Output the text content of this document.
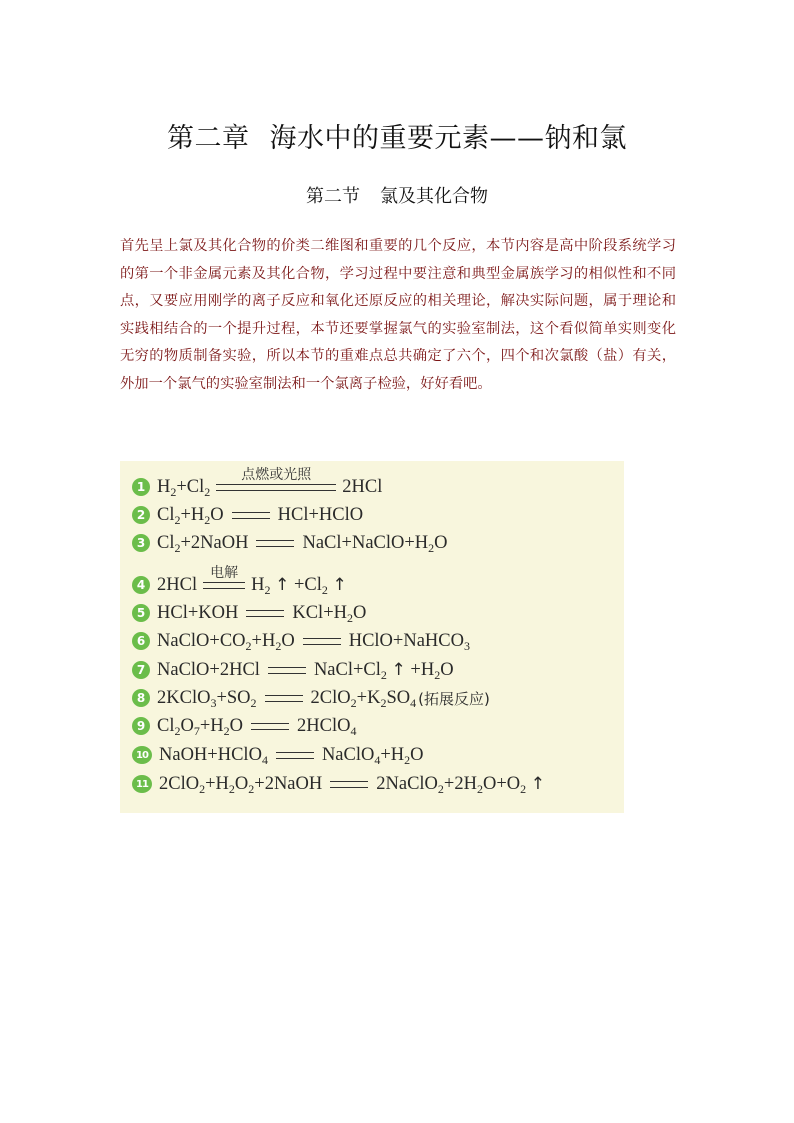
第二章 海水中的重要元素——钠和氯
第二节 氯及其化合物

首先呈上氯及其化合物的价类二维图和重要的几个反应，本节内容是高中阶段系统学习的第一个非金属元素及其化合物，学习过程中要注意和典型金属族学习的相似性和不同点，又要应用刚学的离子反应和氧化还原反应的相关理论，解决实际问题，属于理论和实践相结合的一个提升过程，本节还要掌握氯气的实验室制法，这个看似简单实则变化无穷的物质制备实验，所以本节的重难点总共确定了六个，四个和次氯酸（盐）有关，外加一个氯气的实验室制法和一个氯离子检验，好好看吧。

1 $H_2+Cl_2$
点燃或光照
2HCl
2 $Cl_2+H_2O$	HCl+HClO
3 $Cl_2+2NaOH$	$NaCl+NaClO+H_2O$
4 2HCl
电解
$H_2$ ↑ $+Cl_2$ ↑
5 HCl+KOH	$KCl+H_2O$
6 $NaClO+CO_2+H_2O$	HClO+NaHCO$_3$
7 NaClO+2HCl	$NaCl+Cl_2$ ↑ $+H_2O$
8 $2KClO_3+SO_2$	$2ClO_2+K_2SO_4$ (拓展反应)
9 $Cl_2O_7+H_2O$	2HClO$_4$
10 NaOH+HClO$_4$	$NaClO_4+H_2O$
11 $2ClO_2+H_2O_2+2NaOH$	$2NaClO_2+2H_2O+O_2$ ↑
